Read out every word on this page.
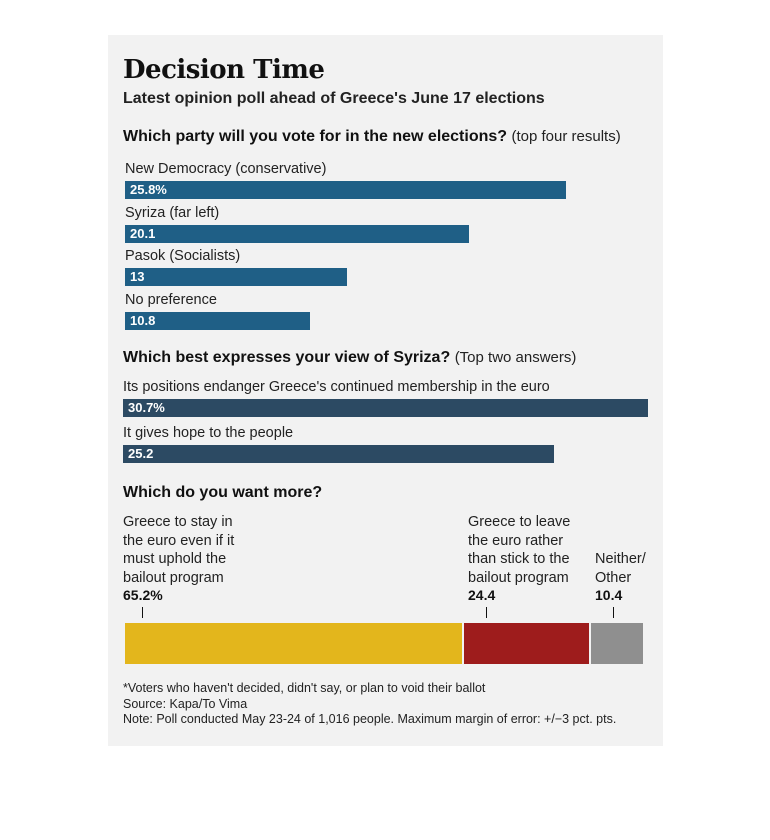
Decision Time
Latest opinion poll ahead of Greece's June 17 elections
Which party will you vote for in the new elections? (top four results)
New Democracy (conservative)
25.8%
Syriza (far left)
20.1
Pasok (Socialists)
13
No preference
10.8
Which best expresses your view of Syriza? (Top two answers)
Its positions endanger Greece's continued membership in the euro
30.7%
It gives hope to the people
25.2
Which do you want more?
Greece to stay in the euro even if it must uphold the bailout program
Greece to leave the euro rather than stick to the bailout program
Neither/ Other
65.2%	24.4	10.4
*Voters who haven't decided, didn't say, or plan to void their ballot
Source: Kapa/To Vima
Note: Poll conducted May 23-24 of 1,016 people. Maximum margin of error: +/−3 pct. pts.
